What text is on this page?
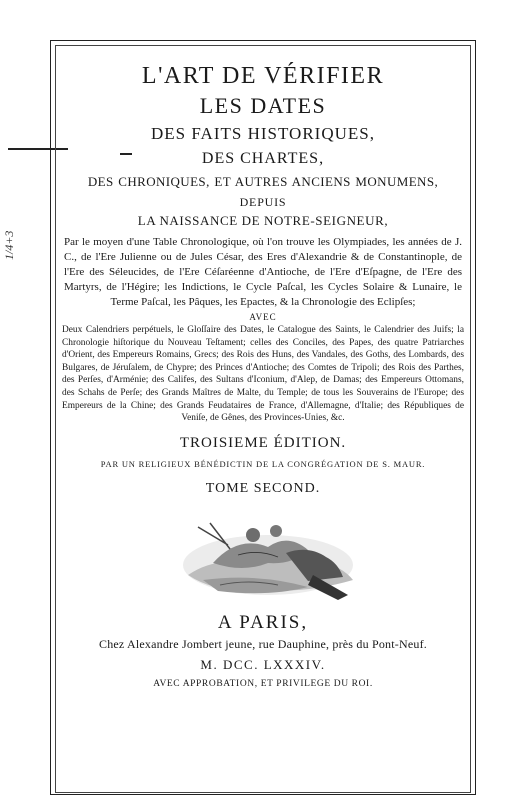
1/4+3
L'ART DE VÉRIFIER
LES DATES
DES FAITS HISTORIQUES,
DES CHARTES,
DES CHRONIQUES, ET AUTRES ANCIENS MONUMENS,
DEPUIS
LA NAISSANCE DE NOTRE-SEIGNEUR,
Par le moyen d'une Table Chronologique, où l'on trouve les Olympiades, les années de J. C., de l'Ere Julienne ou de Jules César, des Eres d'Alexandrie & de Constantinople, de l'Ere des Séleucides, de l'Ere Céſaréenne d'Antioche, de l'Ere d'Eſpagne, de l'Ere des Martyrs, de l'Hégire; les Indictions, le Cycle Paſcal, les Cycles Solaire & Lunaire, le Terme Paſcal, les Pâques, les Epactes, & la Chronologie des Eclipſes;
AVEC
Deux Calendriers perpétuels, le Gloſſaire des Dates, le Catalogue des Saints, le Calendrier des Juifs; la Chronologie hiſtorique du Nouveau Teſtament; celles des Conciles, des Papes, des quatre Patriarches d'Orient, des Empereurs Romains, Grecs; des Rois des Huns, des Vandales, des Goths, des Lombards, des Bulgares, de Jéruſalem, de Chypre; des Princes d'Antioche; des Comtes de Tripoli; des Rois des Parthes, des Perſes, d'Arménie; des Califes, des Sultans d'Iconium, d'Alep, de Damas; des Empereurs Ottomans, des Schahs de Perſe; des Grands Maîtres de Malte, du Temple; de tous les Souverains de l'Europe; des Empereurs de la Chine; des Grands Feudataires de France, d'Allemagne, d'Italie; des Républiques de Veniſe, de Gênes, des Provinces-Unies, &c.
TROISIEME ÉDITION.
PAR UN RELIGIEUX BÉNÉDICTIN DE LA CONGRÉGATION DE S. MAUR.
TOME SECOND.
A PARIS,
Chez Alexandre Jombert jeune, rue Dauphine, près du Pont-Neuf.
M. DCC. LXXXIV.
AVEC APPROBATION, ET PRIVILEGE DU ROI.
